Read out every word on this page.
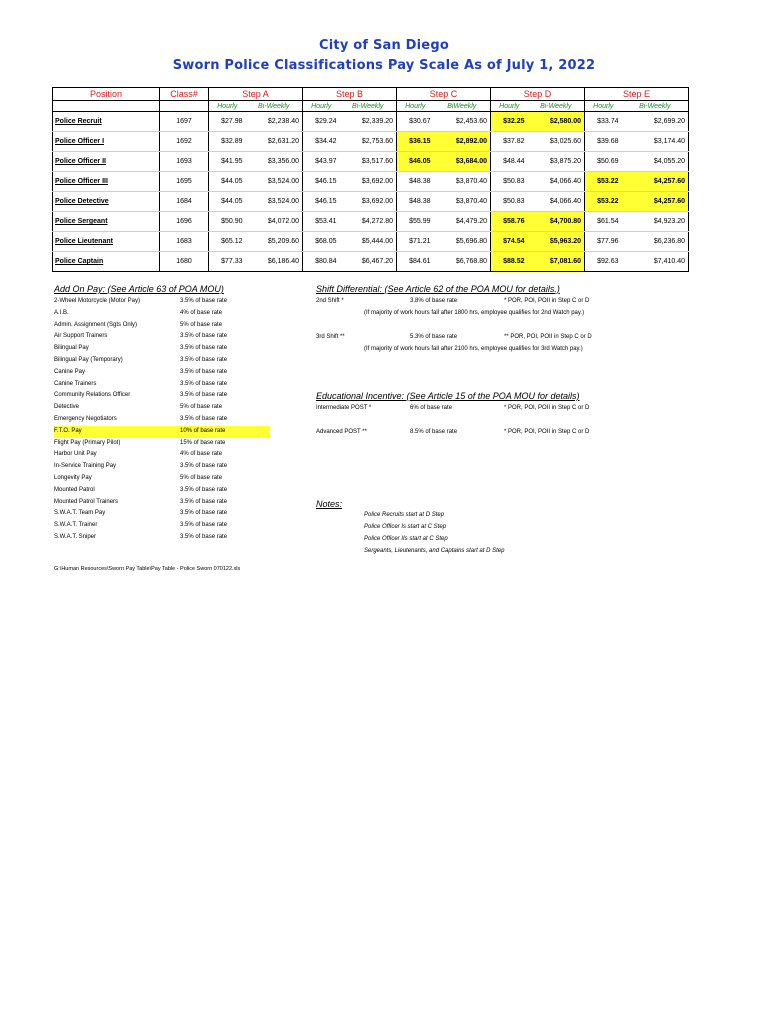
City of San Diego
Sworn Police Classifications Pay Scale As of July 1, 2022
Position	Class#	Step A		Step B		Step C		Step D		Step E	
		Hourly	Bi-Weekly	Hourly	Bi-Weekly	Hourly	BiWeekly	Hourly	Bi-Weekly	Hourly	Bi-Weekly
Police Recruit	1697	$27.98	$2,238.40	$29.24	$2,339.20	$30.67	$2,453.60	$32.25	$2,580.00	$33.74	$2,699.20
Police Officer I	1692	$32.89	$2,631.20	$34.42	$2,753.60	$36.15	$2,892.00	$37.82	$3,025.60	$39.68	$3,174.40
Police Officer II	1693	$41.95	$3,356.00	$43.97	$3,517.60	$46.05	$3,684.00	$48.44	$3,875.20	$50.69	$4,055.20
Police Officer III	1695	$44.05	$3,524.00	$46.15	$3,692.00	$48.38	$3,870.40	$50.83	$4,066.40	$53.22	$4,257.60
Police Detective	1684	$44.05	$3,524.00	$46.15	$3,692.00	$48.38	$3,870.40	$50.83	$4,066.40	$53.22	$4,257.60
Police Sergeant	1696	$50.90	$4,072.00	$53.41	$4,272.80	$55.99	$4,479.20	$58.76	$4,700.80	$61.54	$4,923.20
Police Lieutenant	1683	$65.12	$5,209.60	$68.05	$5,444.00	$71.21	$5,696.80	$74.54	$5,963.20	$77.96	$6,236.80
Police Captain	1680	$77.33	$6,186.40	$80.84	$6,467.20	$84.61	$6,768.80	$88.52	$7,081.60	$92.63	$7,410.40
Add On Pay: (See Article 63 of POA MOU)
2-Wheel Motorcycle (Motor Pay)	3.5% of base rate
A.I.B.	4% of base rate
Admin. Assignment (Sgts Only)	5% of base rate
Air Support Trainers	3.5% of base rate
Bilingual Pay	3.5% of base rate
Bilingual Pay (Temporary)	3.5% of base rate
Canine Pay	3.5% of base rate
Canine Trainers	3.5% of base rate
Community Relations Officer	3.5% of base rate
Detective	5% of base rate
Emergency Negotiators	3.5% of base rate
F.T.O. Pay	10% of base rate
Flight Pay (Primary Pilot)	15% of base rate
Harbor Unit Pay	4% of base rate
In-Service Training Pay	3.5% of base rate
Longevity Pay	5% of base rate
Mounted Patrol	3.5% of base rate
Mounted Patrol Trainers	3.5% of base rate
S.W.A.T. Team Pay	3.5% of base rate
S.W.A.T. Trainer	3.5% of base rate
S.W.A.T. Sniper	3.5% of base rate
Shift Differential: (See Article 62 of the POA MOU for details.)
2nd Shift *	3.8% of base rate	* POR, POI, POII in Step C or D
(If majority of work hours fall after 1800 hrs, employee qualifies for 2nd Watch pay.)
3rd Shift **	5.3% of base rate	** POR, POI, POII in Step C or D
(If majority of work hours fall after 2100 hrs, employee qualifies for 3rd Watch pay.)
Educational Incentive: (See Article 15 of the POA MOU for details)
Intermediate POST *	6% of base rate	* POR, POI, POII in Step C or D
Advanced POST **	8.5% of base rate	* POR, POI, POII in Step C or D
Notes:
Police Recruits start at D Step
Police Officer Is start at C Step
Police Officer IIs start at C Step
Sergeants, Lieutenants, and Captains start at D Step
G:\Human Resources\Sworn Pay Table\Pay Table - Police Sworn 070122.xls
